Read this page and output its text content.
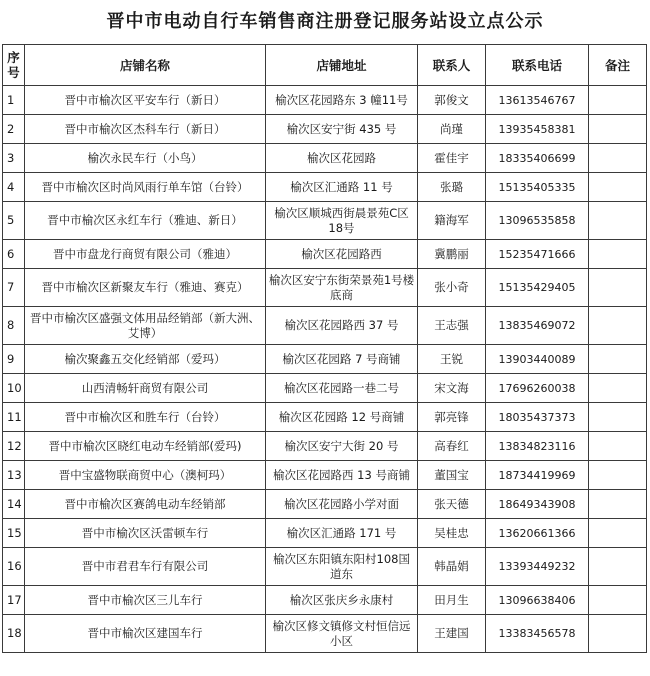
晋中市电动自行车销售商注册登记服务站设立点公示
序号	店铺名称	店铺地址	联系人	联系电话	备注
1	晋中市榆次区平安车行（新日）	榆次区花园路东 3 幢11号	郭俊文	13613546767	
2	晋中市榆次区杰科车行（新日）	榆次区安宁街 435 号	尚瑾	13935458381	
3	榆次永民车行（小鸟）	榆次区花园路	霍佳宇	18335406699	
4	晋中市榆次区时尚风雨行单车馆（台铃）	榆次区汇通路 11 号	张璐	15135405335	
5	晋中市榆次区永红车行（雅迪、新日）	榆次区顺城西街晨景苑C区18号	籍海军	13096535858	
6	晋中市盘龙行商贸有限公司（雅迪）	榆次区花园路西	冀鹏丽	15235471666	
7	晋中市榆次区新聚友车行（雅迪、赛克）	榆次区安宁东街荣景苑1号楼底商	张小奇	15135429405	
8	晋中市榆次区盛强文体用品经销部（新大洲、艾博）	榆次区花园路西 37 号	王志强	13835469072	
9	榆次聚鑫五交化经销部（爱玛）	榆次区花园路 7 号商铺	王锐	13903440089	
10	山西清畅轩商贸有限公司	榆次区花园路一巷二号	宋文海	17696260038	
11	晋中市榆次区和胜车行（台铃）	榆次区花园路 12 号商铺	郭亮锋	18035437373	
12	晋中市榆次区晓红电动车经销部(爱玛)	榆次区安宁大街 20 号	高春红	13834823116	
13	晋中宝盛物联商贸中心（澳柯玛）	榆次区花园路西 13 号商铺	董国宝	18734419969	
14	晋中市榆次区赛鸽电动车经销部	榆次区花园路小学对面	张天德	18649343908	
15	晋中市榆次区沃雷顿车行	榆次区汇通路 171 号	吴桂忠	13620661366	
16	晋中市君君车行有限公司	榆次区东阳镇东阳村108国道东	韩晶娟	13393449232	
17	晋中市榆次区三儿车行	榆次区张庆乡永康村	田月生	13096638406	
18	晋中市榆次区建国车行	榆次区修文镇修文村恒信远小区	王建国	13383456578	
